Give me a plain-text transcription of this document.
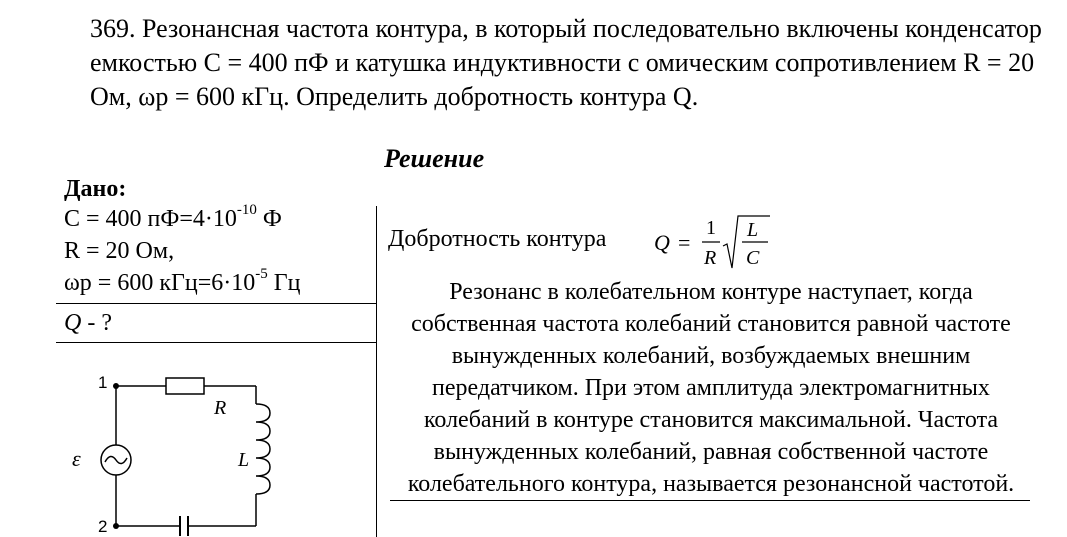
369. Резонансная частота контура, в который последовательно включены конденсатор емкостью С = 400 пФ и катушка индуктивности с омическим сопротивлением R = 20 Ом, ωр = 600 кГц. Определить добротность контура Q.
Решение
Дано:
C = 400 $пФ=4\cdot 10^{-10}$ Ф
R = 20 Ом,
ωр = 600 $кГц=6\cdot 10^{-5}$ Гц
Q - ?
Добротность контура Q =
1
R
L
C
Резонанс в колебательном контуре наступает, когда собственная частота колебаний становится равной частоте вынужденных колебаний, возбуждаемых внешним передатчиком. При этом амплитуда электромагнитных колебаний в контуре становится максимальной. Частота вынужденных колебаний, равная собственной частоте колебательного контура, называется резонансной частотой.
1
2
ε
R
L
